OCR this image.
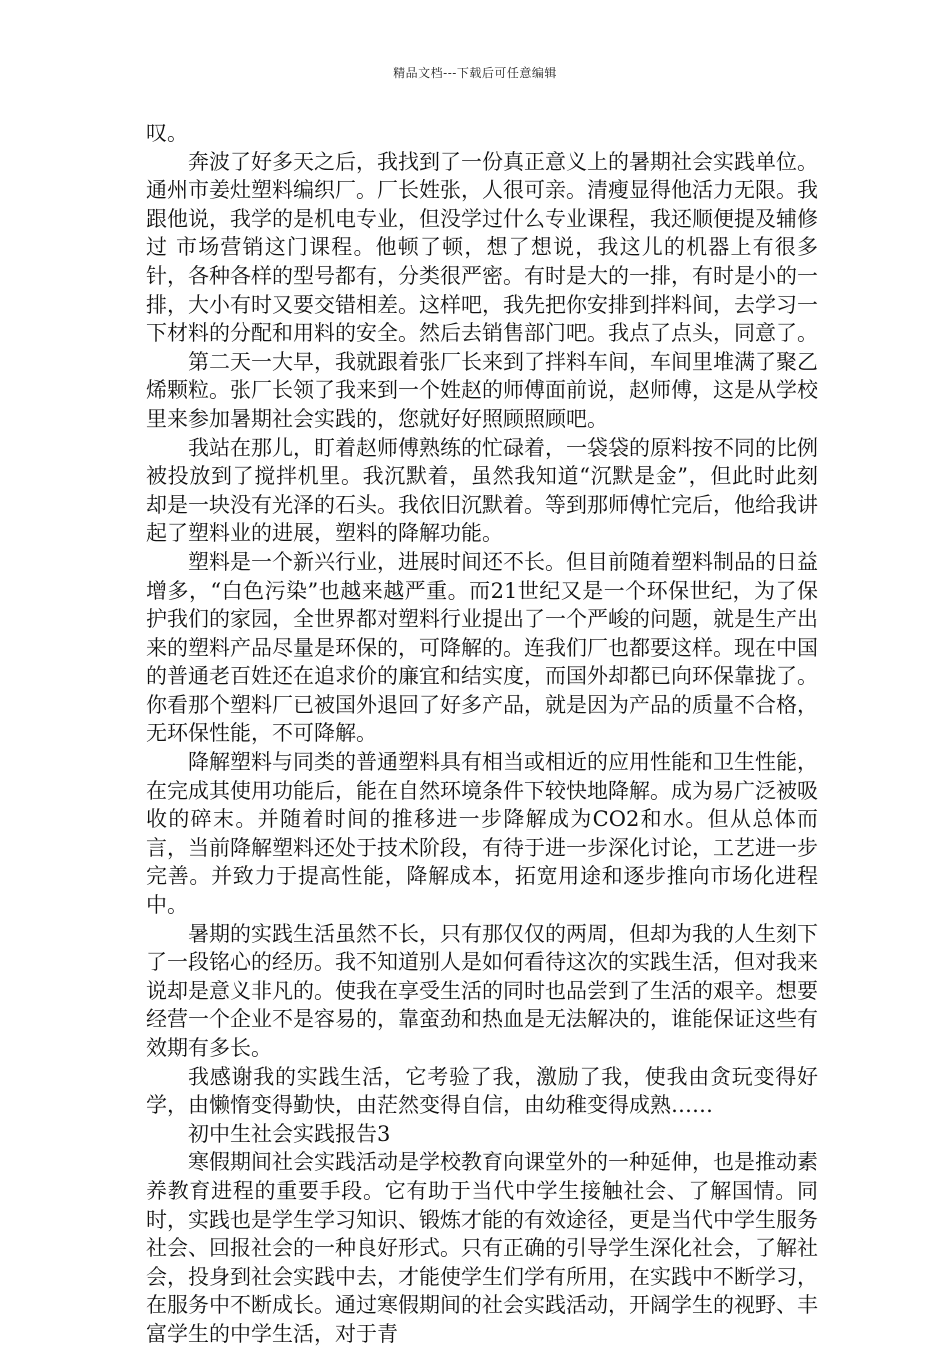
精品文档---下载后可任意编辑

叹。

奔波了好多天之后，我找到了一份真正意义上的暑期社会实践单位。通州市姜灶塑料编织厂。厂长姓张，人很可亲。清瘦显得他活力无限。我跟他说，我学的是机电专业，但没学过什么专业课程，我还顺便提及辅修过 市场营销这门课程。他顿了顿，想了想说，我这儿的机器上有很多针，各种各样的型号都有，分类很严密。有时是大的一排，有时是小的一排，大小有时又要交错相差。这样吧，我先把你安排到拌料间，去学习一下材料的分配和用料的安全。然后去销售部门吧。我点了点头，同意了。

第二天一大早，我就跟着张厂长来到了拌料车间，车间里堆满了聚乙烯颗粒。张厂长领了我来到一个姓赵的师傅面前说，赵师傅，这是从学校里来参加暑期社会实践的，您就好好照顾照顾吧。

我站在那儿，盯着赵师傅熟练的忙碌着，一袋袋的原料按不同的比例被投放到了搅拌机里。我沉默着，虽然我知道“沉默是金”，但此时此刻却是一块没有光泽的石头。我依旧沉默着。等到那师傅忙完后，他给我讲起了塑料业的进展，塑料的降解功能。

塑料是一个新兴行业，进展时间还不长。但目前随着塑料制品的日益增多，“白色污染”也越来越严重。而21世纪又是一个环保世纪，为了保护我们的家园，全世界都对塑料行业提出了一个严峻的问题，就是生产出来的塑料产品尽量是环保的，可降解的。连我们厂也都要这样。现在中国的普通老百姓还在追求价的廉宜和结实度，而国外却都已向环保靠拢了。你看那个塑料厂已被国外退回了好多产品，就是因为产品的质量不合格，无环保性能，不可降解。

降解塑料与同类的普通塑料具有相当或相近的应用性能和卫生性能，在完成其使用功能后，能在自然环境条件下较快地降解。成为易广泛被吸收的碎末。并随着时间的推移进一步降解成为CO2和水。但从总体而言，当前降解塑料还处于技术阶段，有待于进一步深化讨论，工艺进一步完善。并致力于提高性能，降解成本，拓宽用途和逐步推向市场化进程中。

暑期的实践生活虽然不长，只有那仅仅的两周，但却为我的人生刻下了一段铭心的经历。我不知道别人是如何看待这次的实践生活，但对我来说却是意义非凡的。使我在享受生活的同时也品尝到了生活的艰辛。想要经营一个企业不是容易的，靠蛮劲和热血是无法解决的，谁能保证这些有效期有多长。

我感谢我的实践生活，它考验了我，激励了我，使我由贪玩变得好学，由懒惰变得勤快，由茫然变得自信，由幼稚变得成熟……

初中生社会实践报告3

寒假期间社会实践活动是学校教育向课堂外的一种延伸，也是推动素养教育进程的重要手段。它有助于当代中学生接触社会、了解国情。同时，实践也是学生学习知识、锻炼才能的有效途径，更是当代中学生服务社会、回报社会的一种良好形式。只有正确的引导学生深化社会，了解社会，投身到社会实践中去，才能使学生们学有所用，在实践中不断学习，在服务中不断成长。通过寒假期间的社会实践活动，开阔学生的视野、丰富学生的中学生活，对于青
